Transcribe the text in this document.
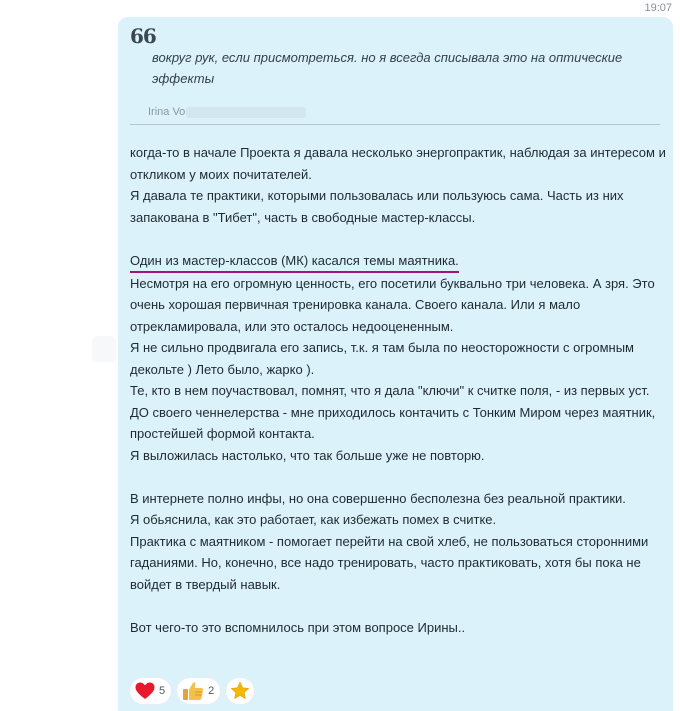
19:07
66
вокруг рук, если присмотреться. но я всегда списывала это на оптические эффекты
Irina Vo

когда-то в начале Проекта я давала несколько энергопрактик, наблюдая за интересом и откликом у моих почитателей.

Я давала те практики, которыми пользовалась или пользуюсь сама. Часть из них запакована в "Тибет", часть в свободные мастер-классы.

Один из мастер-классов (МК) касался темы маятника.

Несмотря на его огромную ценность, его посетили буквально три человека. А зря. Это очень хорошая первичная тренировка канала. Своего канала. Или я мало отрекламировала, или это осталось недооцененным.

Я не сильно продвигала его запись, т.к. я там была по неосторожности с огромным декольте ) Лето было, жарко ).

Те, кто в нем поучаствовал, помнят, что я дала "ключи" к считке поля, - из первых уст.

ДО своего ченнелерства - мне приходилось контачить с Тонким Миром через маятник, простейшей формой контакта.

Я выложилась настолько, что так больше уже не повторю.

В интернете полно инфы, но она совершенно бесполезна без реальной практики.

Я обьяснила, как это работает, как избежать помех в считке.

Практика с маятником - помогает перейти на свой хлеб, не пользоваться сторонними гаданиями. Но, конечно, все надо тренировать, часто практиковать, хотя бы пока не войдет в твердый навык.

Вот чего-то это вспомнилось при этом вопросе Ирины..

5	2
